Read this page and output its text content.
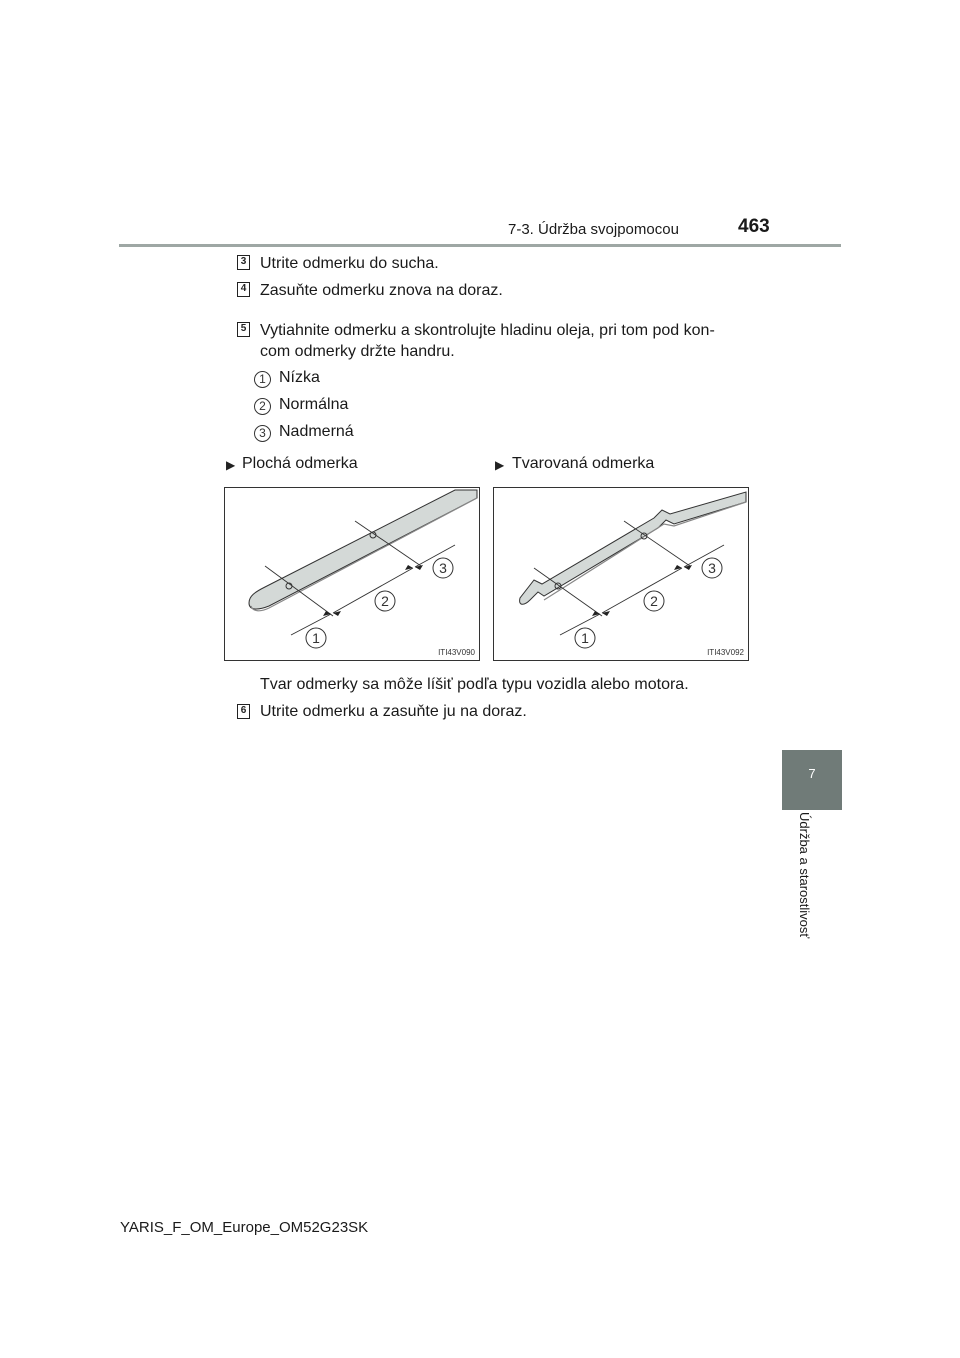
7-3. Údržba svojpomocou	463
3 Utrite odmerku do sucha.
4 Zasuňte odmerku znova na doraz.
5 Vytiahnite odmerku a skontrolujte hladinu oleja, pri tom pod kon-
com odmerky držte handru.
1 Nízka
2 Normálna
3 Nadmerná
▶ Plochá odmerka	▶ Tvarovaná odmerka
1
2
3
ITI43V090
1
2
3
ITI43V092
Tvar odmerky sa môže líšiť podľa typu vozidla alebo motora.
6 Utrite odmerku a zasuňte ju na doraz.
7
Údržba a starostlivosť
YARIS_F_OM_Europe_OM52G23SK
